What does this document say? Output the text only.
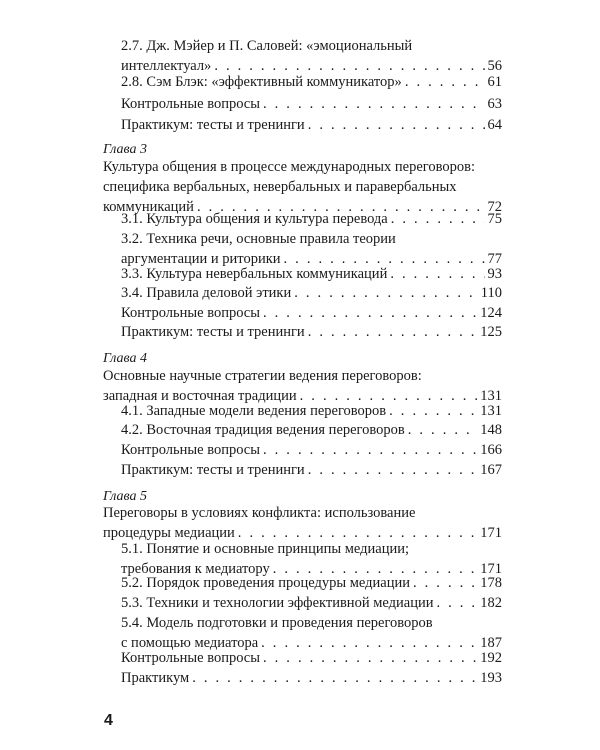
2.7. Дж. Мэйер и П. Саловей: «эмоциональный
интеллектуал» . . .	56
2.8. Сэм Блэк: «эффективный коммуникатор» . . .	61
Контрольные вопросы . . .	63
Практикум: тесты и тренинги . . .	64
Глава 3
Культура общения в процессе международных переговоров:
специфика вербальных, невербальных и паравербальных
коммуникаций . . .	72
3.1. Культура общения и культура перевода . . .	75
3.2. Техника речи, основные правила теории
аргументации и риторики . . .	77
3.3. Культура невербальных коммуникаций . . .	93
3.4. Правила деловой этики . . .	110
Контрольные вопросы . . .	124
Практикум: тесты и тренинги . . .	125
Глава 4
Основные научные стратегии ведения переговоров:
западная и восточная традиции . . .	131
4.1. Западные модели ведения переговоров . . .	131
4.2. Восточная традиция ведения переговоров . . .	148
Контрольные вопросы . . .	166
Практикум: тесты и тренинги . . .	167
Глава 5
Переговоры в условиях конфликта: использование
процедуры медиации . . .	171
5.1. Понятие и основные принципы медиации;
требования к медиатору . . .	171
5.2. Порядок проведения процедуры медиации . . .	178
5.3. Техники и технологии эффективной медиации . . .	182
5.4. Модель подготовки и проведения переговоров
с помощью медиатора . . .	187
Контрольные вопросы . . .	192
Практикум . . .	193
4
